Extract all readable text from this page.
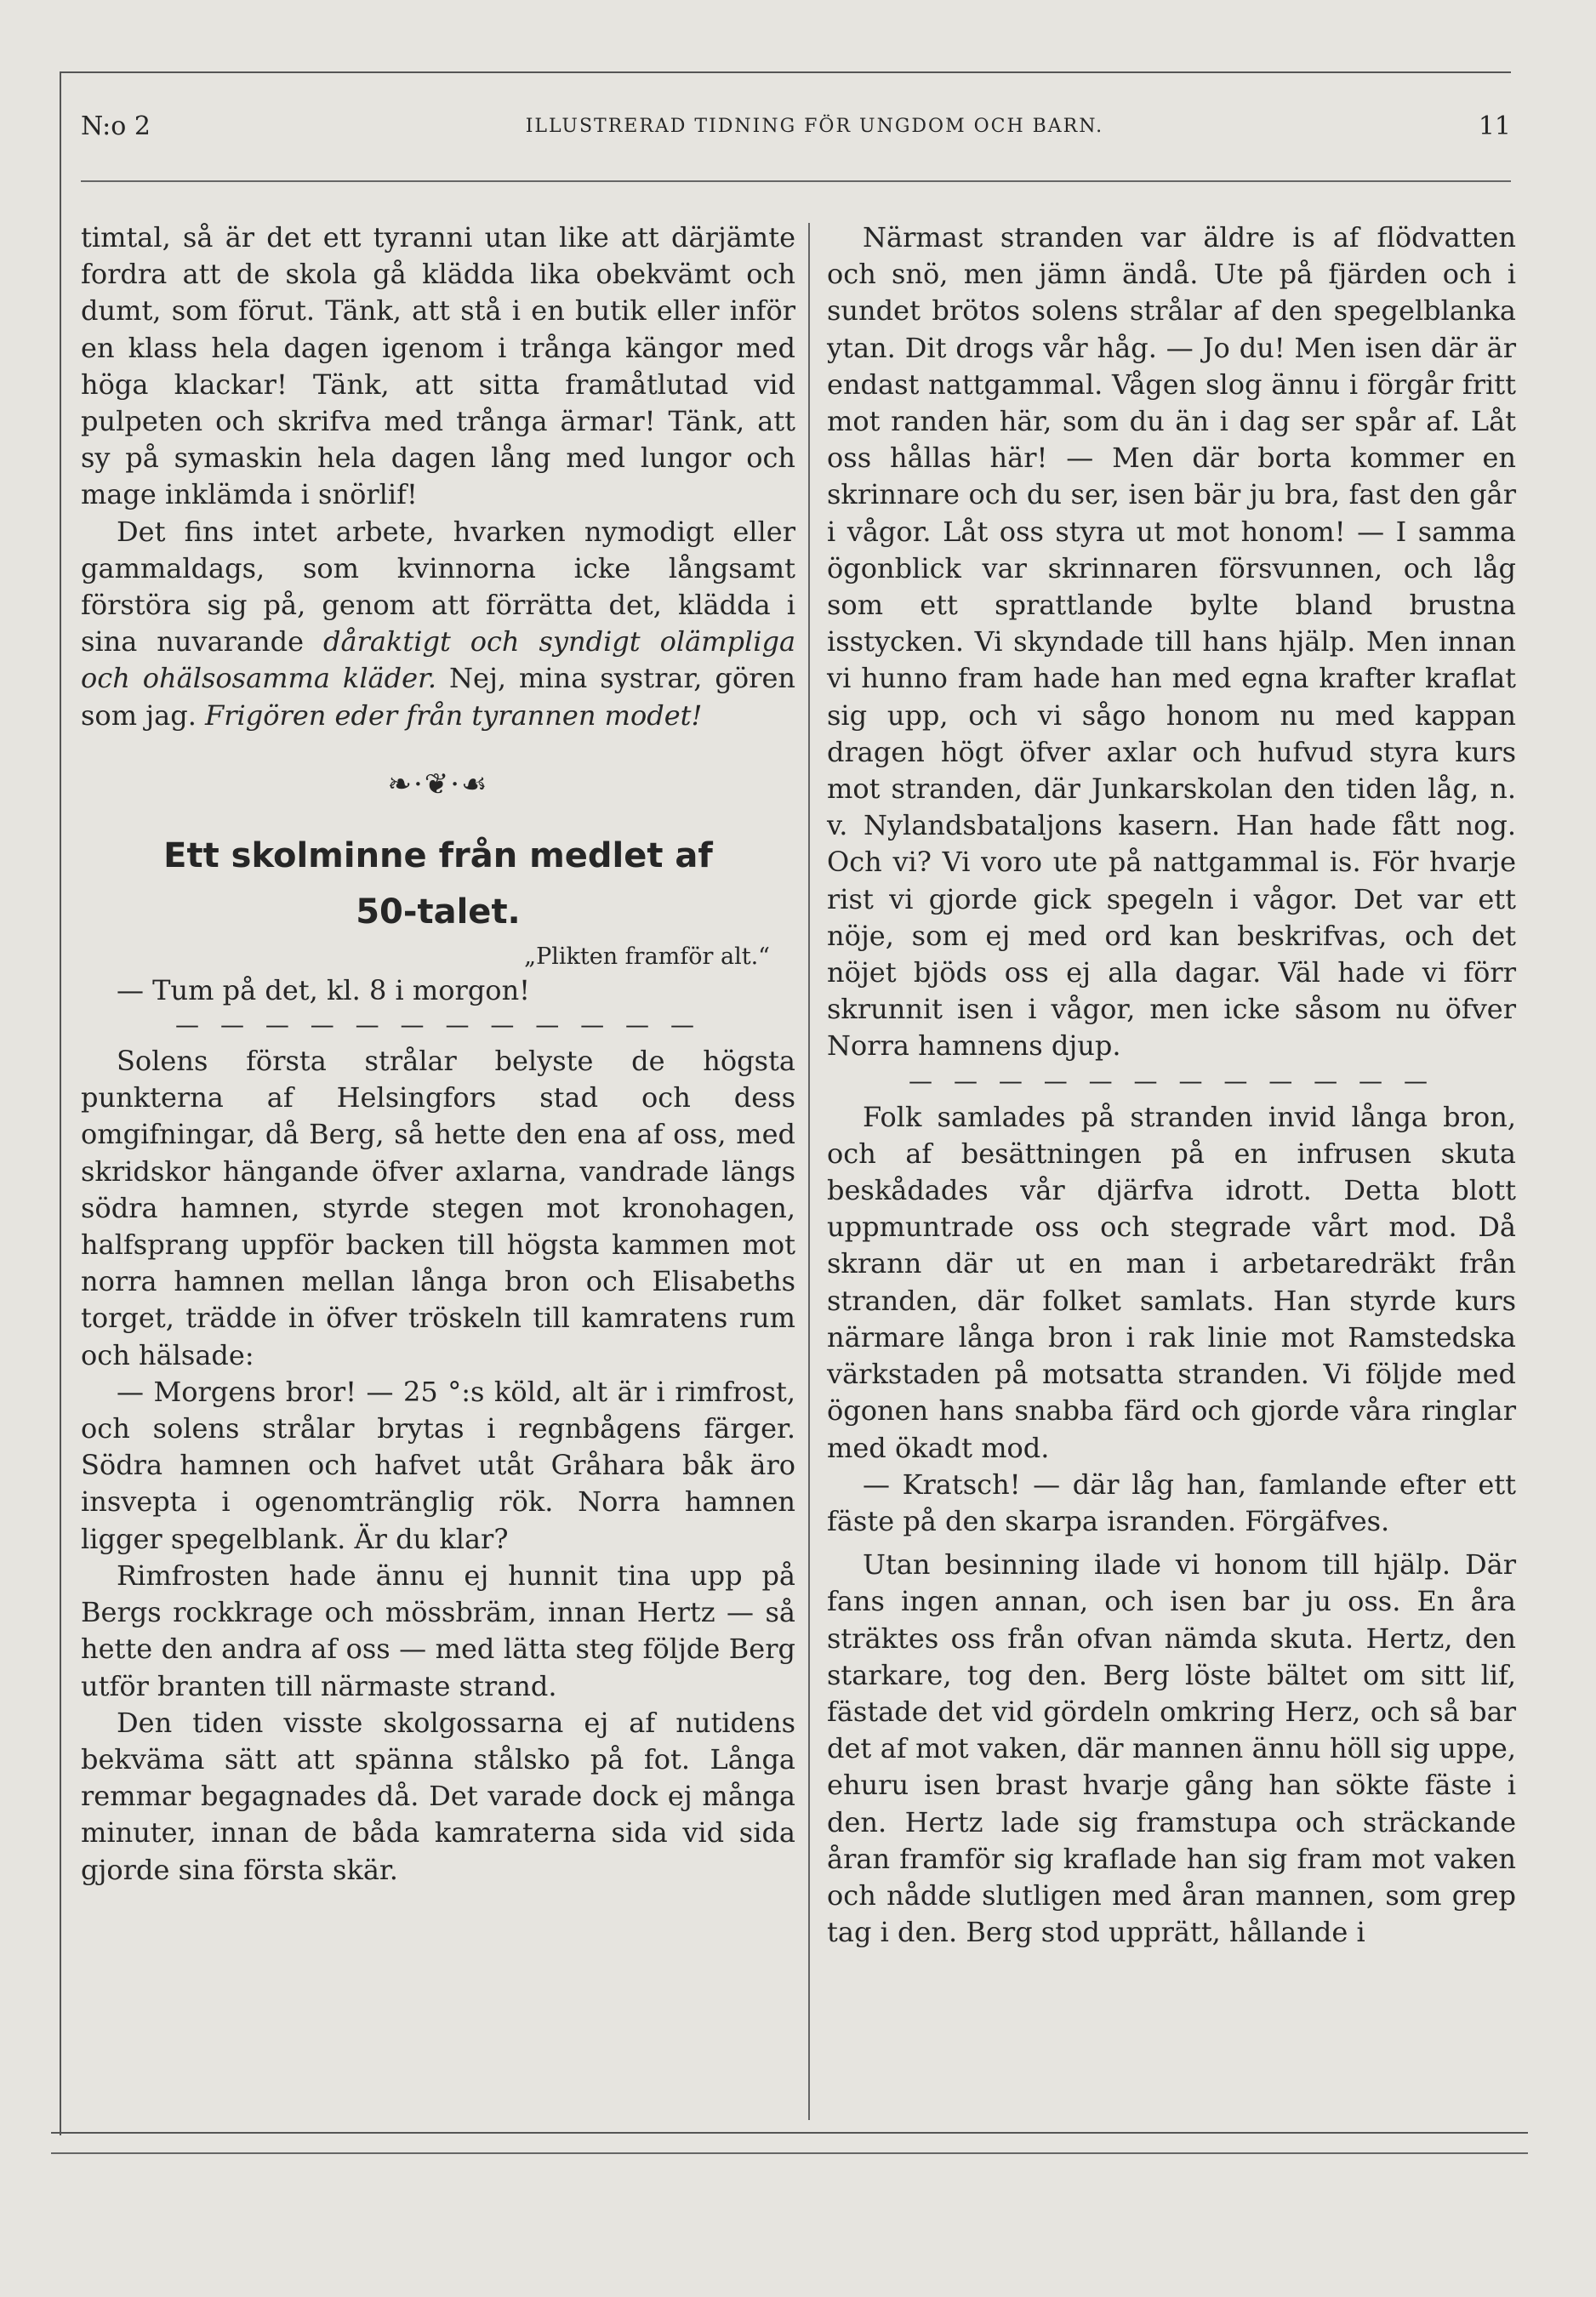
N:o 2	ILLUSTRERAD TIDNING FÖR UNGDOM OCH BARN.	11

timtal, så är det ett tyranni utan like att därjämte fordra att de skola gå klädda lika obekvämt och dumt, som förut. Tänk, att stå i en butik eller inför en klass hela dagen igenom i trånga kängor med höga klackar! Tänk, att sitta framåtlutad vid pulpeten och skrifva med trånga ärmar! Tänk, att sy på symaskin hela dagen lång med lungor och mage inklämda i snörlif!

Det fins intet arbete, hvarken nymodigt eller gammaldags, som kvinnorna icke långsamt förstöra sig på, genom att förrätta det, klädda i sina nuvarande dåraktigt och syndigt olämpliga och ohälsosamma kläder. Nej, mina systrar, gören som jag. Frigören eder från tyrannen modet!

❧·❦·☙
Ett skolminne från medlet af
50-talet.
„Plikten framför alt.“

— Tum på det, kl. 8 i morgon!

— — — — — — — — — — — —

Solens första strålar belyste de högsta punkterna af Helsingfors stad och dess omgifningar, då Berg, så hette den ena af oss, med skridskor hängande öfver axlarna, vandrade längs södra hamnen, styrde stegen mot kronohagen, halfsprang uppför backen till högsta kammen mot norra hamnen mellan långa bron och Elisabeths torget, trädde in öfver tröskeln till kamratens rum och hälsade:

— Morgens bror! — 25 °:s köld, alt är i rimfrost, och solens strålar brytas i regnbågens färger. Södra hamnen och hafvet utåt Gråhara båk äro insvepta i ogenomtränglig rök. Norra hamnen ligger spegelblank. Är du klar?

Rimfrosten hade ännu ej hunnit tina upp på Bergs rockkrage och mössbräm, innan Hertz — så hette den andra af oss — med lätta steg följde Berg utför branten till närmaste strand.

Den tiden visste skolgossarna ej af nutidens bekväma sätt att spänna stålsko på fot. Långa remmar begagnades då. Det varade dock ej många minuter, innan de båda kamraterna sida vid sida gjorde sina första skär.

Närmast stranden var äldre is af flödvatten och snö, men jämn ändå. Ute på fjärden och i sundet brötos solens strålar af den spegelblanka ytan. Dit drogs vår håg. — Jo du! Men isen där är endast nattgammal. Vågen slog ännu i förgår fritt mot randen här, som du än i dag ser spår af. Låt oss hållas här! — Men där borta kommer en skrinnare och du ser, isen bär ju bra, fast den går i vågor. Låt oss styra ut mot honom! — I samma ögonblick var skrinnaren försvunnen, och låg som ett sprattlande bylte bland brustna isstycken. Vi skyndade till hans hjälp. Men innan vi hunno fram hade han med egna krafter kraflat sig upp, och vi sågo honom nu med kappan dragen högt öfver axlar och hufvud styra kurs mot stranden, där Junkarskolan den tiden låg, n. v. Nylandsbataljons kasern. Han hade fått nog. Och vi? Vi voro ute på nattgammal is. För hvarje rist vi gjorde gick spegeln i vågor. Det var ett nöje, som ej med ord kan beskrifvas, och det nöjet bjöds oss ej alla dagar. Väl hade vi förr skrunnit isen i vågor, men icke såsom nu öfver Norra hamnens djup.

— — — — — — — — — — — —

Folk samlades på stranden invid långa bron, och af besättningen på en infrusen skuta beskådades vår djärfva idrott. Detta blott uppmuntrade oss och stegrade vårt mod. Då skrann där ut en man i arbetaredräkt från stranden, där folket samlats. Han styrde kurs närmare långa bron i rak linie mot Ramstedska värkstaden på motsatta stranden. Vi följde med ögonen hans snabba färd och gjorde våra ringlar med ökadt mod.

— Kratsch! — där låg han, famlande efter ett fäste på den skarpa isranden. Förgäfves.

Utan besinning ilade vi honom till hjälp. Där fans ingen annan, och isen bar ju oss. En åra sträktes oss från ofvan nämda skuta. Hertz, den starkare, tog den. Berg löste bältet om sitt lif, fästade det vid gördeln omkring Herz, och så bar det af mot vaken, där mannen ännu höll sig uppe, ehuru isen brast hvarje gång han sökte fäste i den. Hertz lade sig framstupa och sträckande åran framför sig kraflade han sig fram mot vaken och nådde slutligen med åran mannen, som grep tag i den. Berg stod upprätt, hållande i
